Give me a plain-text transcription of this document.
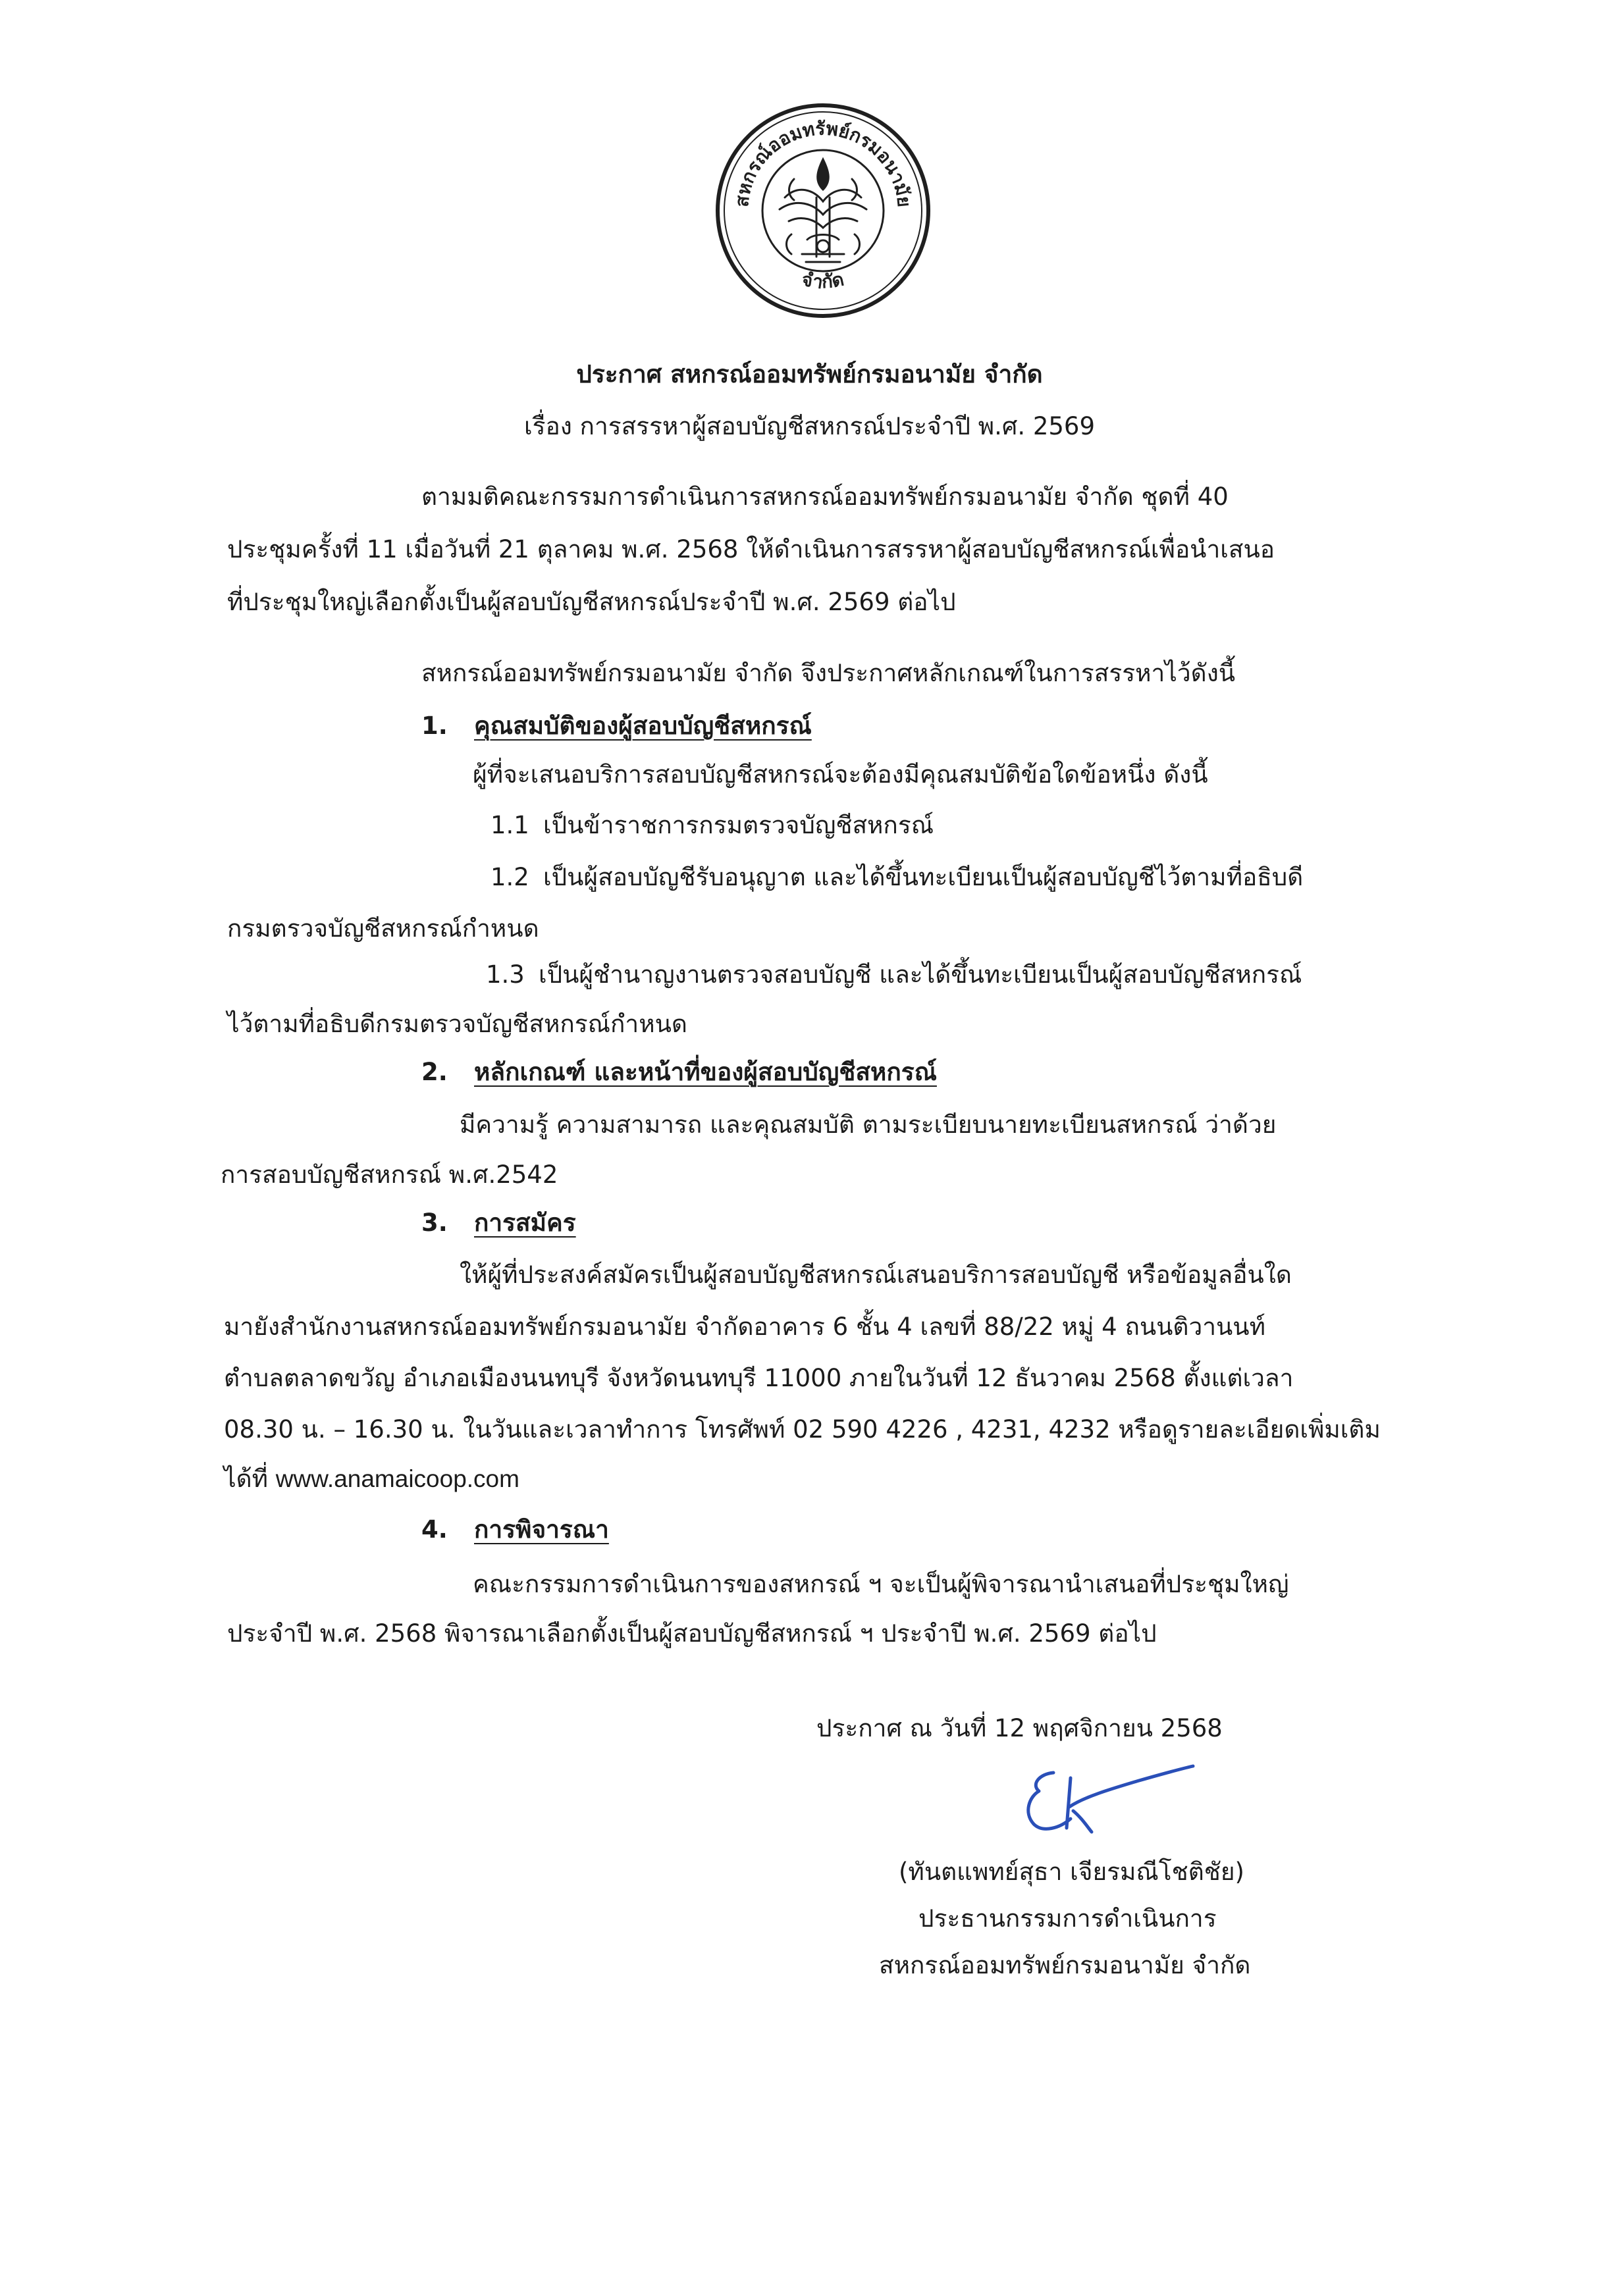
สหกรณ์ออมทรัพย์กรมอนามัย
จำกัด
ประกาศ สหกรณ์ออมทรัพย์กรมอนามัย จำกัด
เรื่อง การสรรหาผู้สอบบัญชีสหกรณ์ประจำปี พ.ศ. 2569
ตามมติคณะกรรมการดำเนินการสหกรณ์ออมทรัพย์กรมอนามัย จำกัด ชุดที่ 40
ประชุมครั้งที่ 11 เมื่อวันที่ 21 ตุลาคม พ.ศ. 2568 ให้ดำเนินการสรรหาผู้สอบบัญชีสหกรณ์เพื่อนำเสนอ
ที่ประชุมใหญ่เลือกตั้งเป็นผู้สอบบัญชีสหกรณ์ประจำปี พ.ศ. 2569 ต่อไป
สหกรณ์ออมทรัพย์กรมอนามัย จำกัด จึงประกาศหลักเกณฑ์ในการสรรหาไว้ดังนี้
1. คุณสมบัติของผู้สอบบัญชีสหกรณ์
ผู้ที่จะเสนอบริการสอบบัญชีสหกรณ์จะต้องมีคุณสมบัติข้อใดข้อหนึ่ง ดังนี้
1.1 เป็นข้าราชการกรมตรวจบัญชีสหกรณ์
1.2 เป็นผู้สอบบัญชีรับอนุญาต และได้ขึ้นทะเบียนเป็นผู้สอบบัญชีไว้ตามที่อธิบดี
กรมตรวจบัญชีสหกรณ์กำหนด
1.3 เป็นผู้ชำนาญงานตรวจสอบบัญชี และได้ขึ้นทะเบียนเป็นผู้สอบบัญชีสหกรณ์
ไว้ตามที่อธิบดีกรมตรวจบัญชีสหกรณ์กำหนด
2. หลักเกณฑ์ และหน้าที่ของผู้สอบบัญชีสหกรณ์
มีความรู้ ความสามารถ และคุณสมบัติ ตามระเบียบนายทะเบียนสหกรณ์ ว่าด้วย
การสอบบัญชีสหกรณ์ พ.ศ.2542
3. การสมัคร
ให้ผู้ที่ประสงค์สมัครเป็นผู้สอบบัญชีสหกรณ์เสนอบริการสอบบัญชี หรือข้อมูลอื่นใด
มายังสำนักงานสหกรณ์ออมทรัพย์กรมอนามัย จำกัดอาคาร 6 ชั้น 4 เลขที่ 88/22 หมู่ 4 ถนนติวานนท์
ตำบลตลาดขวัญ อำเภอเมืองนนทบุรี จังหวัดนนทบุรี 11000 ภายในวันที่ 12 ธันวาคม 2568 ตั้งแต่เวลา
08.30 น. – 16.30 น. ในวันและเวลาทำการ โทรศัพท์ 02 590 4226 , 4231, 4232 หรือดูรายละเอียดเพิ่มเติม
ได้ที่ www.anamaicoop.com
4. การพิจารณา
คณะกรรมการดำเนินการของสหกรณ์ ฯ จะเป็นผู้พิจารณานำเสนอที่ประชุมใหญ่
ประจำปี พ.ศ. 2568 พิจารณาเลือกตั้งเป็นผู้สอบบัญชีสหกรณ์ ฯ ประจำปี พ.ศ. 2569 ต่อไป
ประกาศ ณ วันที่ 12 พฤศจิกายน 2568
(ทันตแพทย์สุธา เจียรมณีโชติชัย)
ประธานกรรมการดำเนินการ
สหกรณ์ออมทรัพย์กรมอนามัย จำกัด
